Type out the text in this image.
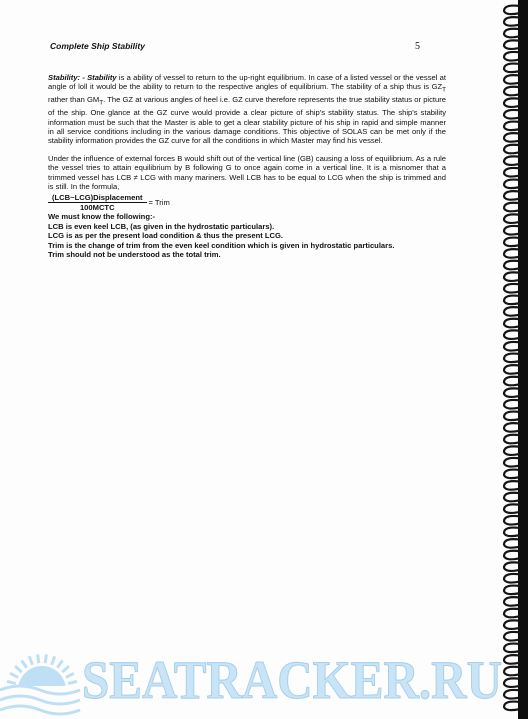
Complete Ship Stability	5

Stability: - Stability is a ability of vessel to return to the up-right equilibrium. In case of a listed vessel or the vessel at angle of loll it would be the ability to return to the respective angles of equilibrium. The stability of a ship thus is $GZ_T$ rather than $GM_T$. The GZ at various angles of heel i.e. GZ curve therefore represents the true stability status or picture of the ship. One glance at the GZ curve would provide a clear picture of ship's stability status. The ship's stability information must be such that the Master is able to get a clear stability picture of his ship in rapid and simple manner in all service conditions including in the various damage conditions. This objective of SOLAS can be met only if the stability information provides the GZ curve for all the conditions in which Master may find his vessel.

Under the influence of external forces B would shift out of the vertical line (GB) causing a loss of equilibrium. As a rule the vessel tries to attain equilibrium by B following G to once again come in a vertical line. It is a misnomer that a trimmed vessel has LCB ≠ LCG with many mariners. Well LCB has to be equal to LCG when the ship is trimmed and is still. In the formula,

$\frac{\text{(LCB\textasciitilde{}LCG)Displacement}}{\text{100MCTC}}$ = Trim

We must know the following:-

LCB is even keel LCB, (as given in the hydrostatic particulars).

LCG is as per the present load condition & thus the present LCG.

Trim is the change of trim from the even keel condition which is given in hydrostatic particulars.

Trim should not be understood as the total trim.

SEATRACKER.RU
